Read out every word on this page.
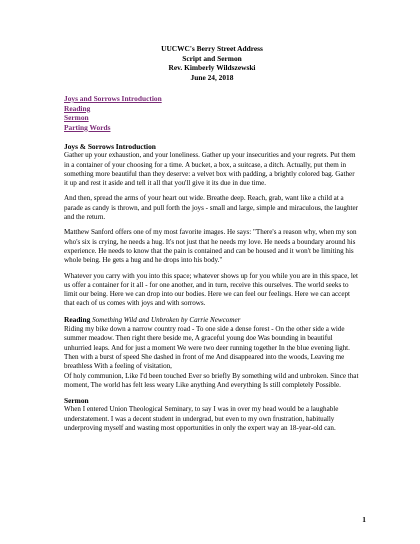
UUCWC's Berry Street Address
Script and Sermon
Rev. Kimberly Wildszewski
June 24, 2018
Joys and Sorrows Introduction
Reading
Sermon
Parting Words
Joys & Sorrows Introduction

Gather up your exhaustion, and your loneliness. Gather up your insecurities and your regrets. Put them in a container of your choosing for a time. A bucket, a box, a suitcase, a ditch. Actually, put them in something more beautiful than they deserve: a velvet box with padding, a brightly colored bag. Gather it up and rest it aside and tell it all that you'll give it its due in due time.

And then, spread the arms of your heart out wide. Breathe deep. Reach, grab, want like a child at a parade as candy is thrown, and pull forth the joys - small and large, simple and miraculous, the laughter and the return.

Matthew Sanford offers one of my most favorite images. He says: "There's a reason why, when my son who's six is crying, he needs a hug. It's not just that he needs my love. He needs a boundary around his experience. He needs to know that the pain is contained and can be housed and it won't be limiting his whole being. He gets a hug and he drops into his body."

Whatever you carry with you into this space; whatever shows up for you while you are in this space, let us offer a container for it all - for one another, and in turn, receive this ourselves. The world seeks to limit our being. Here we can drop into our bodies. Here we can feel our feelings. Here we can accept that each of us comes with joys and with sorrows.

Reading Something Wild and Unbroken by Carrie Newcomer
Riding my bike down a narrow country road - To one side a dense forest - On the other side a wide summer meadow. Then right there beside me, A graceful young doe Was bounding in beautiful unhurried leaps. And for just a moment We were two deer running together In the blue evening light. Then with a burst of speed She dashed in front of me And disappeared into the woods, Leaving me breathless With a feeling of visitation,

Of holy communion, Like I'd been touched Ever so briefly By something wild and unbroken. Since that moment, The world has felt less weary Like anything And everything Is still completely Possible.

Sermon

When I entered Union Theological Seminary, to say I was in over my head would be a laughable understatement. I was a decent student in undergrad, but even to my own frustration, habitually underproving myself and wasting most opportunities in only the expert way an 18-year-old can.

1
